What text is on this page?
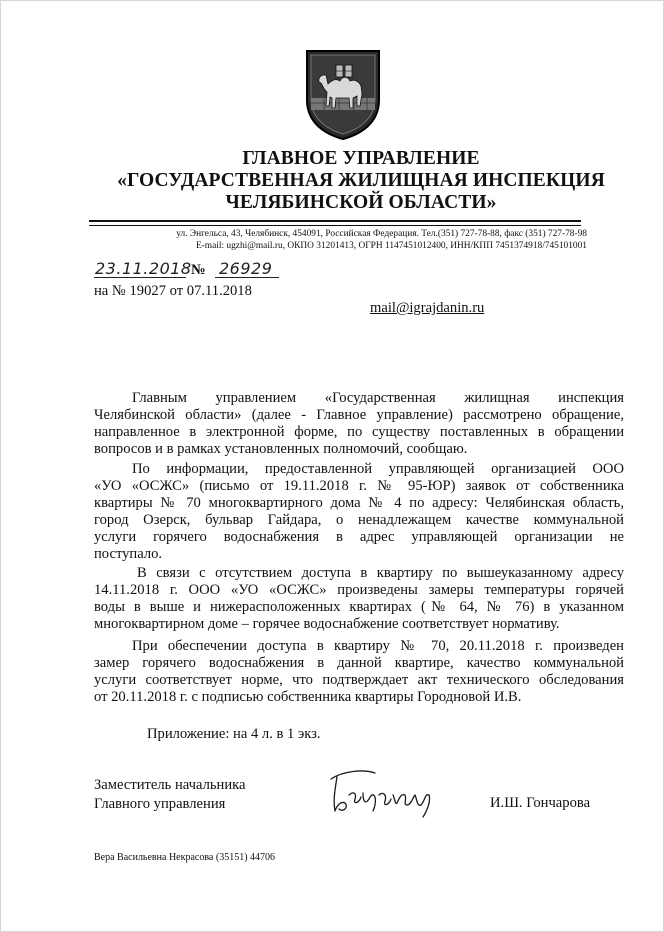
ГЛАВНОЕ УПРАВЛЕНИЕ
«ГОСУДАРСТВЕННАЯ ЖИЛИЩНАЯ ИНСПЕКЦИЯ
ЧЕЛЯБИНСКОЙ ОБЛАСТИ»
ул. Энгельса, 43, Челябинск, 454091, Российская Федерация. Тел.(351) 727-78-88, факс (351) 727-78-98
E-mail: ugzhi@mail.ru, ОКПО 31201413, ОГРН 1147451012400, ИНН/КПП 7451374918/745101001
23.11.2018 № 26929
на № 19027 от 07.11.2018
mail@igrajdanin.ru
Главным управлением «Государственная жилищная инспекция
Челябинской области» (далее - Главное управление) рассмотрено обращение,
направленное в электронной форме, по существу поставленных в обращении
вопросов и в рамках установленных полномочий, сообщаю.
По информации, предоставленной управляющей организацией ООО
«УО «ОСЖС» (письмо от 19.11.2018 г. № 95-ЮР) заявок от собственника
квартиры № 70 многоквартирного дома № 4 по адресу: Челябинская область,
город Озерск, бульвар Гайдара, о ненадлежащем качестве коммунальной
услуги горячего водоснабжения в адрес управляющей организации не
поступало.
В связи с отсутствием доступа в квартиру по вышеуказанному адресу
14.11.2018 г. ООО «УО «ОСЖС» произведены замеры температуры горячей
воды в выше и нижерасположенных квартирах (№ 64, № 76) в указанном
многоквартирном доме – горячее водоснабжение соответствует нормативу.
При обеспечении доступа в квартиру № 70, 20.11.2018 г. произведен
замер горячего водоснабжения в данной квартире, качество коммунальной
услуги соответствует норме, что подтверждает акт технического обследования
от 20.11.2018 г. с подписью собственника квартиры Городновой И.В.
Приложение: на 4 л. в 1 экз.
Заместитель начальника
Главного управления	И.Ш. Гончарова
Вера Васильевна Некрасова (35151) 44706
